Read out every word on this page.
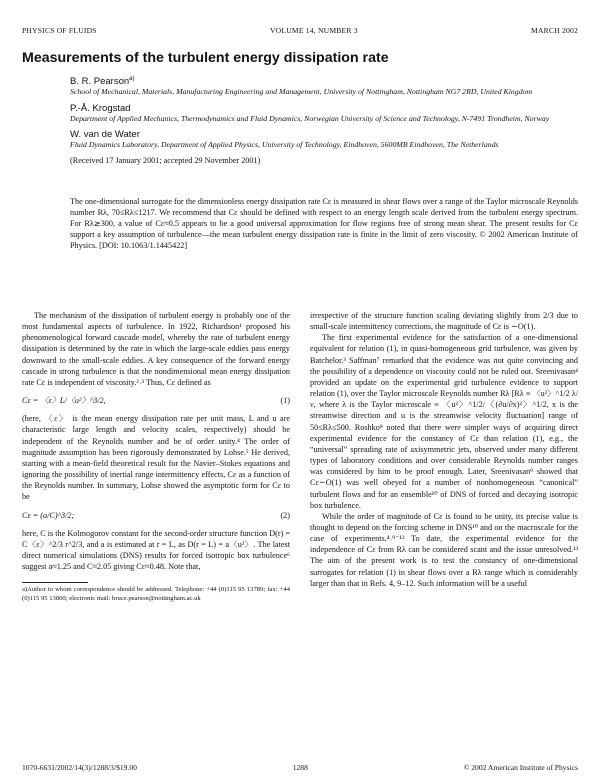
PHYSICS OF FLUIDS	VOLUME 14, NUMBER 3	MARCH 2002
Measurements of the turbulent energy dissipation rate
B. R. Pearson$^{a)}$
School of Mechanical, Materials, Manufacturing Engineering and Management, University of Nottingham, Nottingham NG7 2RD, United Kingdom
P.-Å. Krogstad
Department of Applied Mechanics, Thermodynamics and Fluid Dynamics, Norwegian University of Science and Technology, N-7491 Trondheim, Norway
W. van de Water
Fluid Dynamics Laboratory, Department of Applied Physics, University of Technology, Eindhoven, 5600MB Eindhoven, The Netherlands
(Received 17 January 2001; accepted 29 November 2001)
The one-dimensional surrogate for the dimensionless energy dissipation rate Cε is measured in shear flows over a range of the Taylor microscale Reynolds number Rλ, 70≤Rλ≤1217. We recommend that Cε should be defined with respect to an energy length scale derived from the turbulent energy spectrum. For Rλ≳300, a value of Cε≈0.5 appears to be a good universal approximation for flow regions free of strong mean shear. The present results for Cε support a key assumption of turbulence—the mean turbulent energy dissipation rate is finite in the limit of zero viscosity. © 2002 American Institute of Physics. [DOI: 10.1063/1.1445422]

The mechanism of the dissipation of turbulent energy is probably one of the most fundamental aspects of turbulence. In 1922, Richardson¹ proposed his phenomenological forward cascade model, whereby the rate of turbulent energy dissipation is determined by the rate in which the large-scale eddies pass energy downward to the small-scale eddies. A key consequence of the forward energy cascade in strong turbulence is that the nondimensional mean energy dissipation rate Cε is independent of viscosity.²˒³ Thus, Cε defined as

Cε = 〈ε〉L/〈u²〉^3/2,	(1)

(here, 〈ε〉 is the mean energy dissipation rate per unit mass, L and u are characteristic large length and velocity scales, respectively) should be independent of the Reynolds number and be of order unity.⁴ The order of magnitude assumption has been rigorously demonstrated by Lohse.⁵ He derived, starting with a mean-field theoretical result for the Navier–Stokes equations and ignoring the possibility of inertial range intermittency effects, Cε as a function of the Reynolds number. In summary, Lohse showed the asymptotic form for Cε to be

Cε = (a/C)^3/2;	(2)

here, C is the Kolmogorov constant for the second-order structure function D(r) = C〈ε〉^2/3 r^2/3, and a is estimated at r = L, as D(r = L) = a〈u²〉. The latest direct numerical simulations (DNS) results for forced isotropic box turbulence⁶ suggest a≈1.25 and C≈2.05 giving Cε≈0.48. Note that,

a)Author to whom correspondence should be addressed. Telephone: +44 (0)115 95 13789; fax: +44 (0)115 95 13800; electronic mail: bruce.pearson@nottingham.ac.uk

irrespective of the structure function scaling deviating slightly from 2/3 due to small-scale intermittency corrections, the magnitude of Cε is ∼O(1).

The first experimental evidence for the satisfaction of a one-dimensional equivalent for relation (1), in quasi-homogeneous grid turbulence, was given by Batchelor.³ Saffman⁷ remarked that the evidence was not quite convincing and the possibility of a dependence on viscosity could not be ruled out. Sreenivasan⁴ provided an update on the experimental grid turbulence evidence to support relation (1), over the Taylor microscale Reynolds number Rλ [Rλ ≡ 〈u²〉^1/2 λ/ν, where λ is the Taylor microscale ≡ 〈u²〉^1/2/〈(∂u/∂x)²〉^1/2, x is the streamwise direction and u is the streamwise velocity fluctuation] range of 50≤Rλ≤500. Roshko⁸ noted that there were simpler ways of acquiring direct experimental evidence for the constancy of Cε than relation (1), e.g., the “universal” spreading rate of axisymmetric jets, observed under many different types of laboratory conditions and over considerable Reynolds number ranges was considered by him to be proof enough. Later, Sreenivasan⁹ showed that Cε∼O(1) was well obeyed for a number of nonhomogeneous “canonical” turbulent flows and for an ensemble¹⁰ of DNS of forced and decaying isotropic box turbulence.

While the order of magnitude of Cε is found to be unity, its precise value is thought to depend on the forcing scheme in DNS¹⁰ and on the macroscale for the case of experiments.⁴˒⁹⁻¹² To date, the experimental evidence for the independence of Cε from Rλ can be considered scant and the issue unresolved.¹³ The aim of the present work is to test the constancy of one-dimensional surrogates for relation (1) in shear flows over a Rλ range which is considerably larger than that in Refs. 4, 9–12. Such information will be a useful

1070-6631/2002/14(3)/1288/3/$19.00	1288	© 2002 American Institute of Physics
